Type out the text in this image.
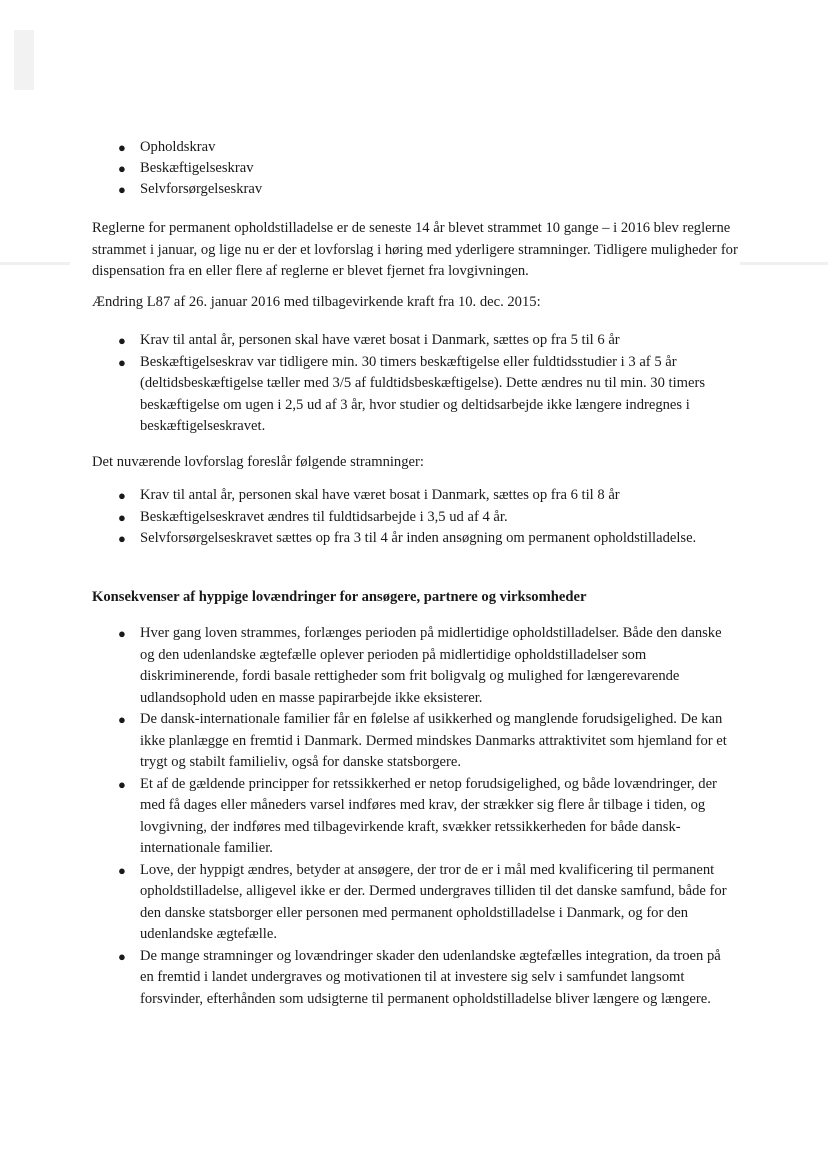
● Opholdskrav
● Beskæftigelseskrav
● Selvforsørgelseskrav

Reglerne for permanent opholdstilladelse er de seneste 14 år blevet strammet 10 gange – i 2016 blev reglerne strammet i januar, og lige nu er der et lovforslag i høring med yderligere stramninger. Tidligere muligheder for dispensation fra en eller flere af reglerne er blevet fjernet fra lovgivningen.

Ændring L87 af 26. januar 2016 med tilbagevirkende kraft fra 10. dec. 2015:

● Krav til antal år, personen skal have været bosat i Danmark, sættes op fra 5 til 6 år
● Beskæftigelseskrav var tidligere min. 30 timers beskæftigelse eller fuldtidsstudier i 3 af 5 år (deltidsbeskæftigelse tæller med 3/5 af fuldtidsbeskæftigelse). Dette ændres nu til min. 30 timers beskæftigelse om ugen i 2,5 ud af 3 år, hvor studier og deltidsarbejde ikke længere indregnes i beskæftigelseskravet.

Det nuværende lovforslag foreslår følgende stramninger:

● Krav til antal år, personen skal have været bosat i Danmark, sættes op fra 6 til 8 år
● Beskæftigelseskravet ændres til fuldtidsarbejde i 3,5 ud af 4 år.
● Selvforsørgelseskravet sættes op fra 3 til 4 år inden ansøgning om permanent opholdstilladelse.
Konsekvenser af hyppige lovændringer for ansøgere, partnere og virksomheder
● Hver gang loven strammes, forlænges perioden på midlertidige opholdstilladelser. Både den danske og den udenlandske ægtefælle oplever perioden på midlertidige opholdstilladelser som diskriminerende, fordi basale rettigheder som frit boligvalg og mulighed for længerevarende udlandsophold uden en masse papirarbejde ikke eksisterer.
● De dansk-internationale familier får en følelse af usikkerhed og manglende forudsigelighed. De kan ikke planlægge en fremtid i Danmark. Dermed mindskes Danmarks attraktivitet som hjemland for et trygt og stabilt familieliv, også for danske statsborgere.
● Et af de gældende principper for retssikkerhed er netop forudsigelighed, og både lovændringer, der med få dages eller måneders varsel indføres med krav, der strækker sig flere år tilbage i tiden, og lovgivning, der indføres med tilbagevirkende kraft, svækker retssikkerheden for både dansk-internationale familier.
● Love, der hyppigt ændres, betyder at ansøgere, der tror de er i mål med kvalificering til permanent opholdstilladelse, alligevel ikke er der. Dermed undergraves tilliden til det danske samfund, både for den danske statsborger eller personen med permanent opholdstilladelse i Danmark, og for den udenlandske ægtefælle.
● De mange stramninger og lovændringer skader den udenlandske ægtefælles integration, da troen på en fremtid i landet undergraves og motivationen til at investere sig selv i samfundet langsomt forsvinder, efterhånden som udsigterne til permanent opholdstilladelse bliver længere og længere.
